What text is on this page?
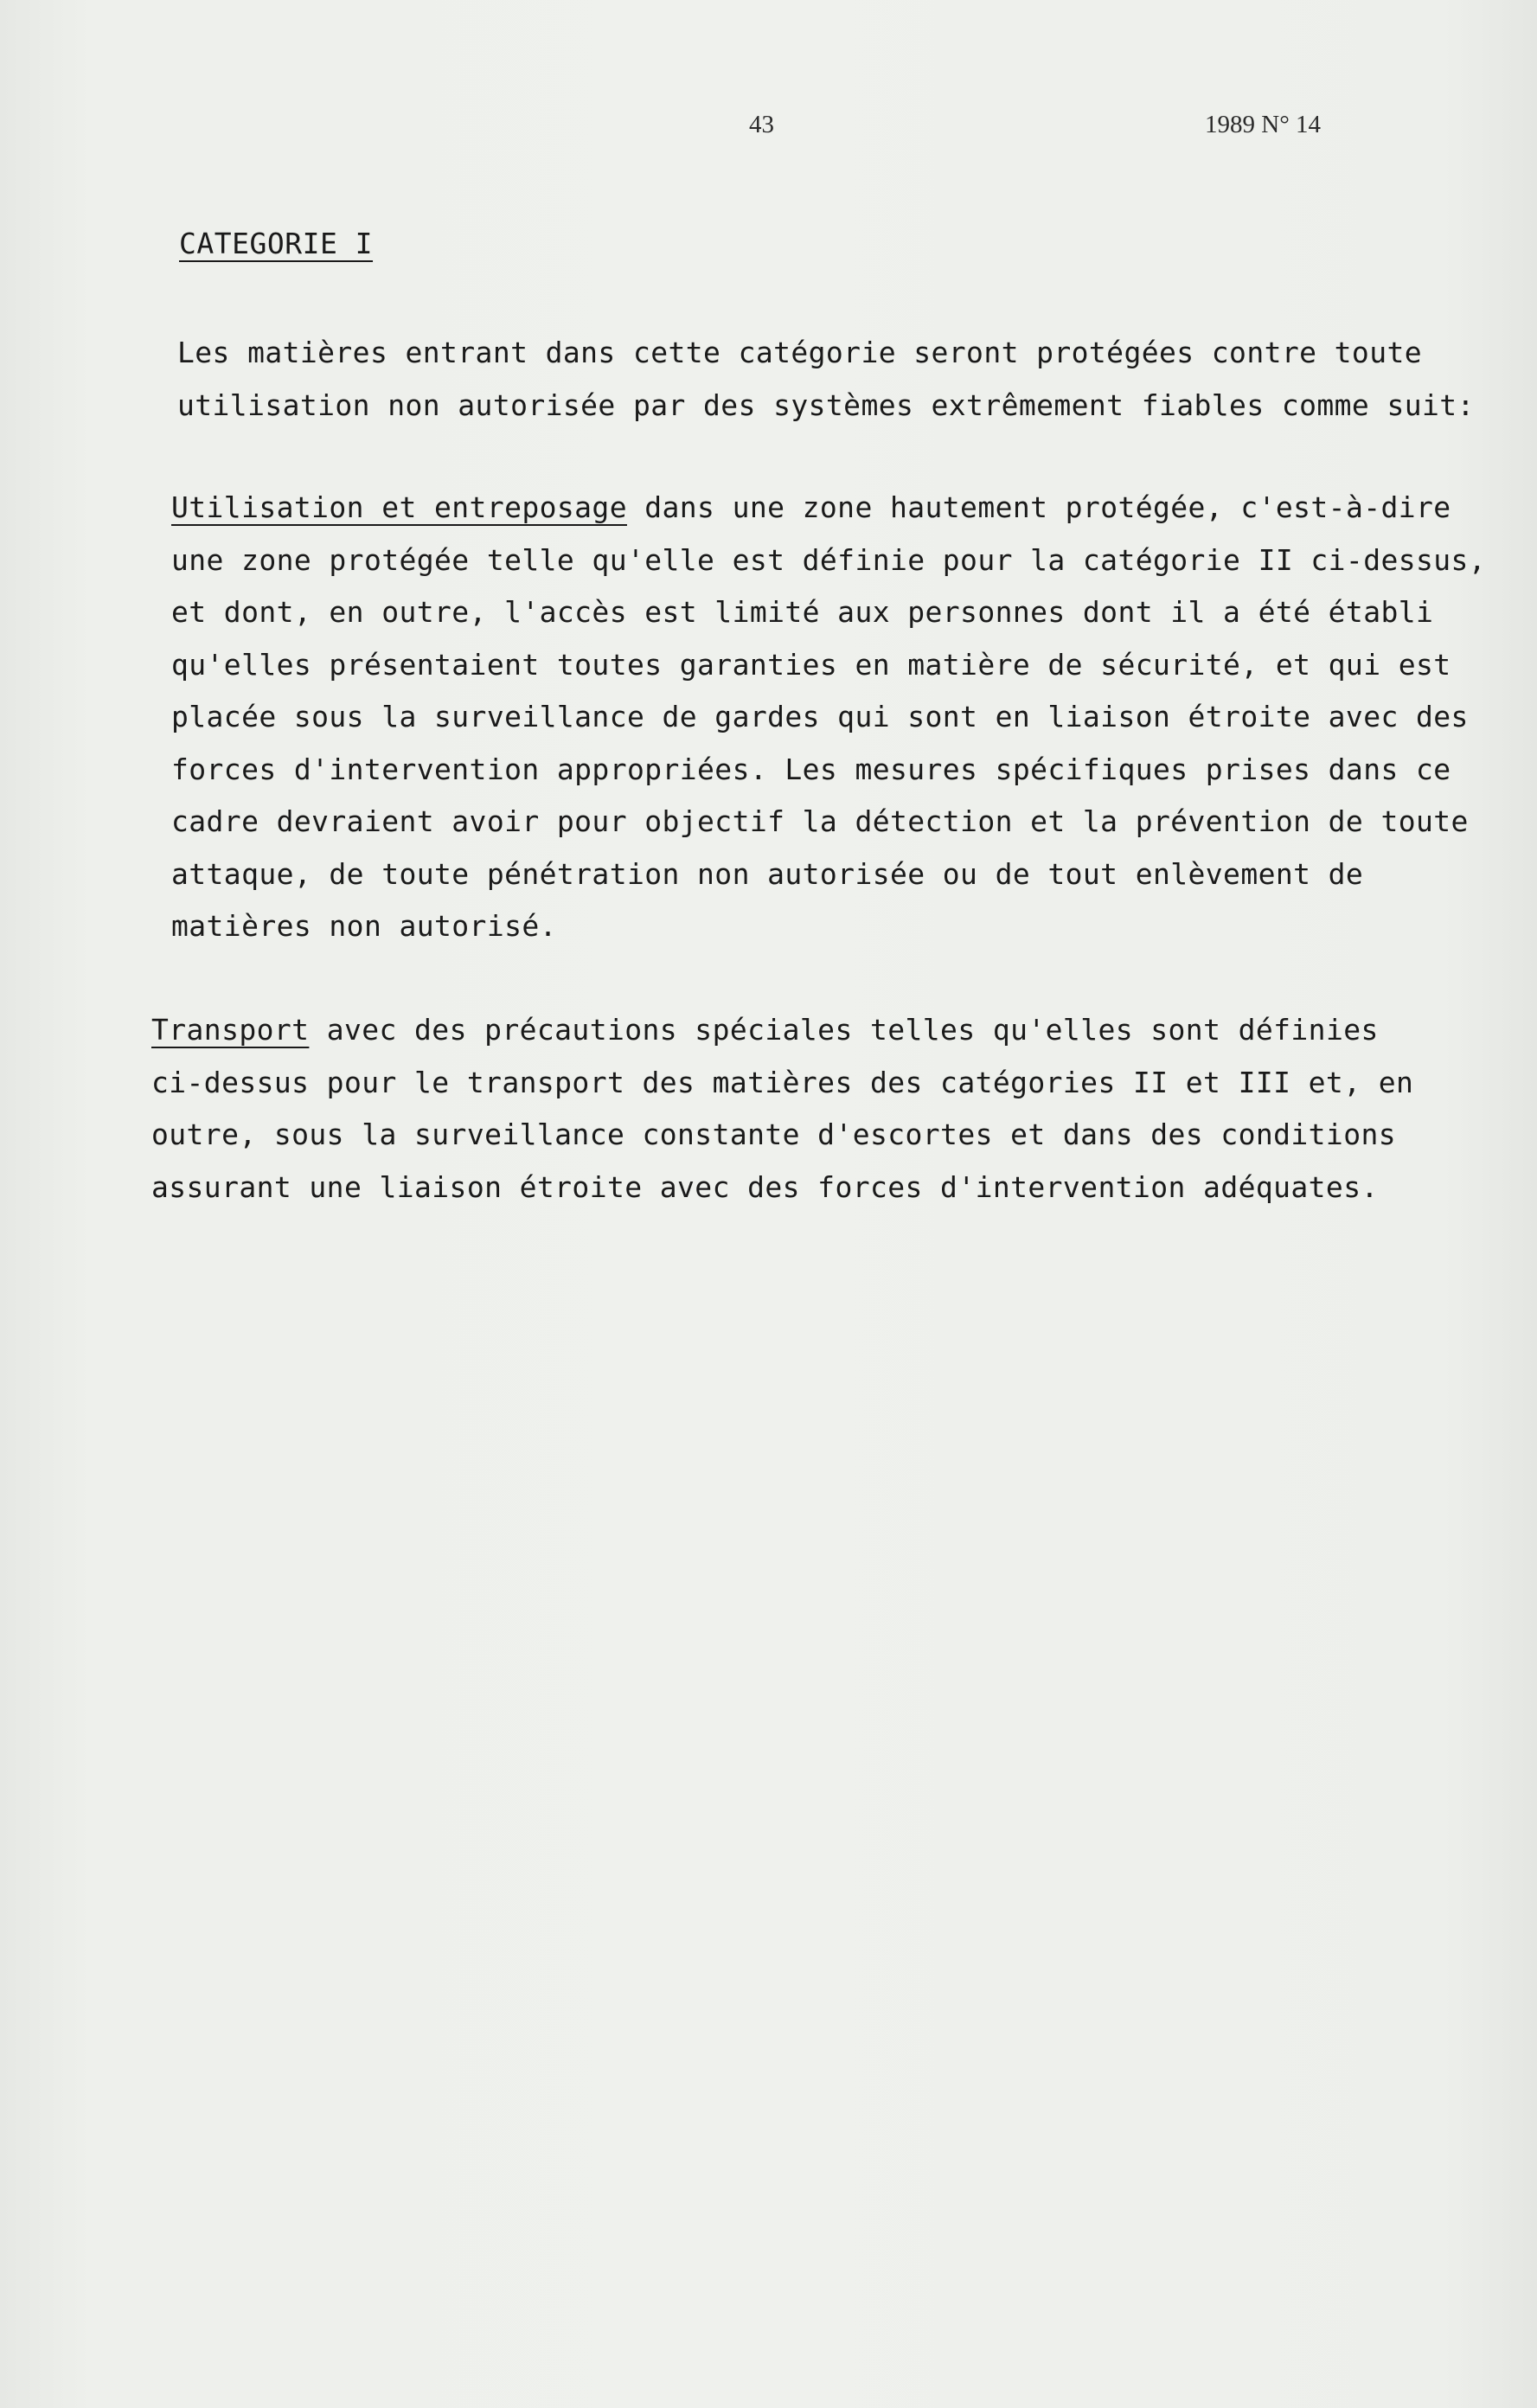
43	1989 N° 14
CATEGORIE I
Les matières entrant dans cette catégorie seront protégées contre toute
utilisation non autorisée par des systèmes extrêmement fiables comme suit:
Utilisation et entreposage dans une zone hautement protégée, c'est-à-dire
une zone protégée telle qu'elle est définie pour la catégorie II ci-dessus,
et dont, en outre, l'accès est limité aux personnes dont il a été établi
qu'elles présentaient toutes garanties en matière de sécurité, et qui est
placée sous la surveillance de gardes qui sont en liaison étroite avec des
forces d'intervention appropriées. Les mesures spécifiques prises dans ce
cadre devraient avoir pour objectif la détection et la prévention de toute
attaque, de toute pénétration non autorisée ou de tout enlèvement de
matières non autorisé.
Transport avec des précautions spéciales telles qu'elles sont définies
ci-dessus pour le transport des matières des catégories II et III et, en
outre, sous la surveillance constante d'escortes et dans des conditions
assurant une liaison étroite avec des forces d'intervention adéquates.
